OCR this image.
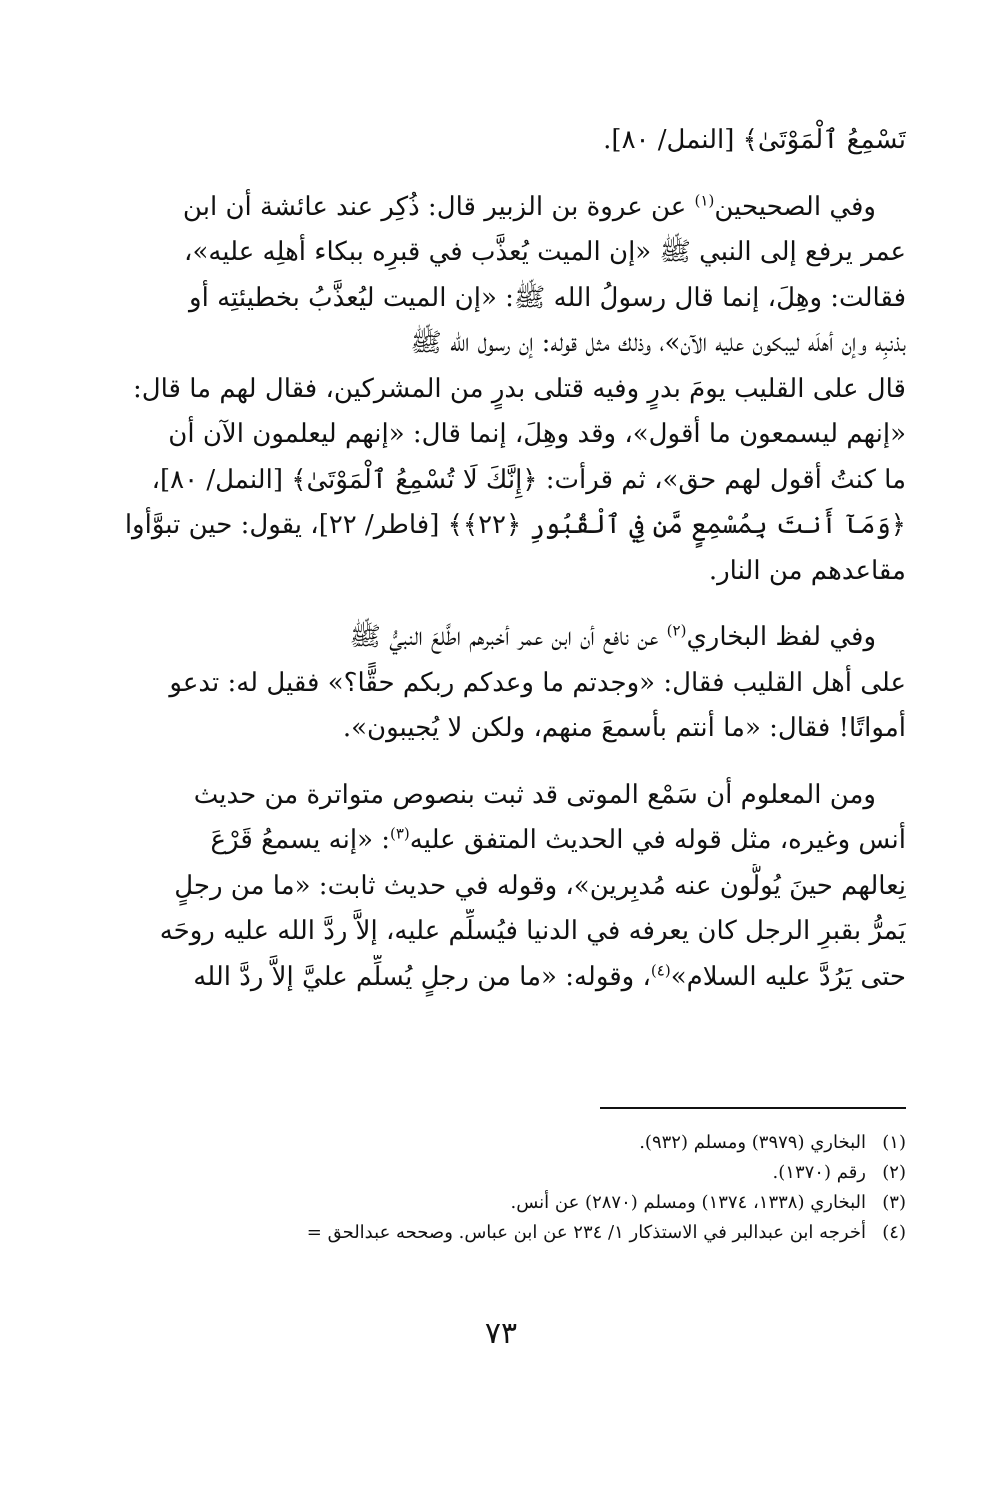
تَسْمِعُ ٱلْمَوْتَىٰ﴾ [النمل/ ٨٠].

وفي الصحيحين$^{(١)}$ عن عروة بن الزبير قال: ذُكِر عند عائشة أن ابن

عمر يرفع إلى النبي ﷺ «إن الميت يُعذَّب في قبرِه ببكاء أهلِه عليه»،

فقالت: وهِلَ، إنما قال رسولُ الله ﷺ: «إن الميت ليُعذَّبُ بخطيئتِه أو

بذنبِه وإن أهلَه ليبكون عليه الآن»، وذلك مثل قوله: إن رسول الله ﷺ

قال على القليب يومَ بدرٍ وفيه قتلى بدرٍ من المشركين، فقال لهم ما قال:

«إنهم ليسمعون ما أقول»، وقد وهِلَ، إنما قال: «إنهم ليعلمون الآن أن

ما كنتُ أقول لهم حق»، ثم قرأت: ﴿إِنَّكَ لَا تُسْمِعُ ٱلْمَوْتَىٰ﴾ [النمل/ ٨٠]،

﴿وَمَآ أَنتَ بِمُسْمِعٍ مَّن فِي ٱلْقُبُورِ ﴿٢٢﴾﴾ [فاطر/ ٢٢]، يقول: حين تبوَّأوا

مقاعدهم من النار.

وفي لفظ البخاري$^{(٢)}$ عن نافع أن ابن عمر أخبرهم اطَّلعَ النبيُّ ﷺ

على أهل القليب فقال: «وجدتم ما وعدكم ربكم حقًّا؟» فقيل له: تدعو

أمواتًا! فقال: «ما أنتم بأسمعَ منهم، ولكن لا يُجيبون».

ومن المعلوم أن سَمْع الموتى قد ثبت بنصوص متواترة من حديث

أنس وغيره، مثل قوله في الحديث المتفق عليه$^{(٣)}$: «إنه يسمعُ قَرْعَ

نِعالهم حينَ يُولُّون عنه مُدبِرين»، وقوله في حديث ثابت: «ما من رجلٍ

يَمرُّ بقبرِ الرجل كان يعرفه في الدنيا فيُسلِّم عليه، إلاَّ ردَّ الله عليه روحَه

حتى يَرُدَّ عليه السلام»$^{(٤)}$، وقوله: «ما من رجلٍ يُسلِّم عليَّ إلاَّ ردَّ الله

(١)البخاري (٣٩٧٩) ومسلم (٩٣٢).

(٢)رقم (١٣٧٠).

(٣)البخاري (١٣٣٨، ١٣٧٤) ومسلم (٢٨٧٠) عن أنس.

(٤)أخرجه ابن عبدالبر في الاستذكار ١/ ٢٣٤ عن ابن عباس. وصححه عبدالحق =

٧٣
